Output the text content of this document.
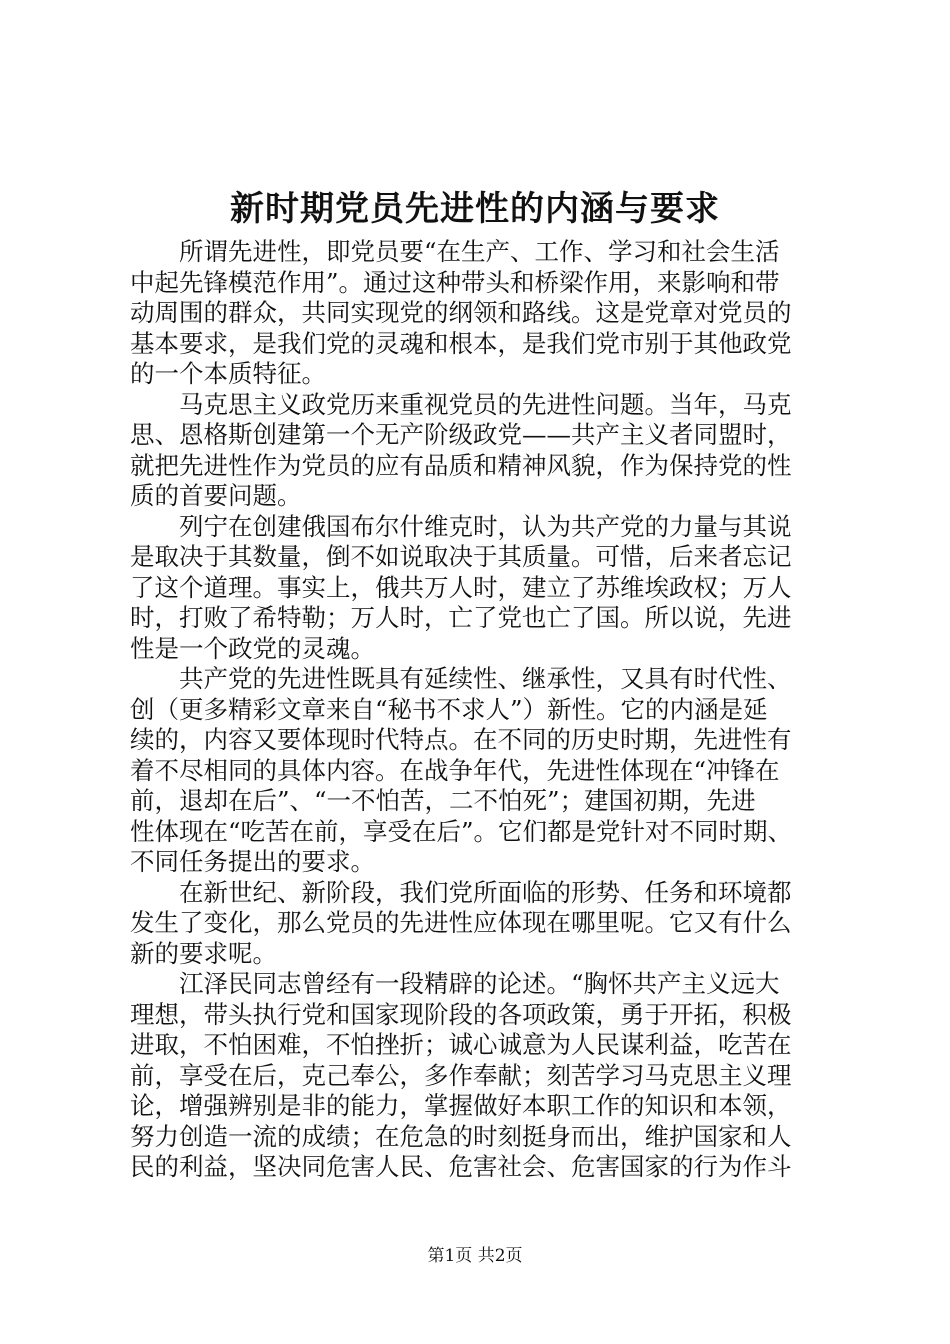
新时期党员先进性的内涵与要求
　　所谓先进性，即党员要“在生产、工作、学习和社会生活
中起先锋模范作用”。通过这种带头和桥梁作用，来影响和带
动周围的群众，共同实现党的纲领和路线。这是党章对党员的
基本要求，是我们党的灵魂和根本，是我们党市别于其他政党
的一个本质特征。
　　马克思主义政党历来重视党员的先进性问题。当年，马克
思、恩格斯创建第一个无产阶级政党——共产主义者同盟时，
就把先进性作为党员的应有品质和精神风貌，作为保持党的性
质的首要问题。
　　列宁在创建俄国布尔什维克时，认为共产党的力量与其说
是取决于其数量，倒不如说取决于其质量。可惜，后来者忘记
了这个道理。事实上，俄共万人时，建立了苏维埃政权；万人
时，打败了希特勒；万人时，亡了党也亡了国。所以说，先进
性是一个政党的灵魂。
　　共产党的先进性既具有延续性、继承性，又具有时代性、
创（更多精彩文章来自“秘书不求人”）新性。它的内涵是延
续的，内容又要体现时代特点。在不同的历史时期，先进性有
着不尽相同的具体内容。在战争年代，先进性体现在“冲锋在
前，退却在后”、“一不怕苦，二不怕死”；建国初期，先进
性体现在“吃苦在前，享受在后”。它们都是党针对不同时期、
不同任务提出的要求。
　　在新世纪、新阶段，我们党所面临的形势、任务和环境都
发生了变化，那么党员的先进性应体现在哪里呢。它又有什么
新的要求呢。
　　江泽民同志曾经有一段精辟的论述。“胸怀共产主义远大
理想，带头执行党和国家现阶段的各项政策，勇于开拓，积极
进取，不怕困难，不怕挫折；诚心诚意为人民谋利益，吃苦在
前，享受在后，克己奉公，多作奉献；刻苦学习马克思主义理
论，增强辨别是非的能力，掌握做好本职工作的知识和本领，
努力创造一流的成绩；在危急的时刻挺身而出，维护国家和人
民的利益，坚决同危害人民、危害社会、危害国家的行为作斗
第1页 共2页
